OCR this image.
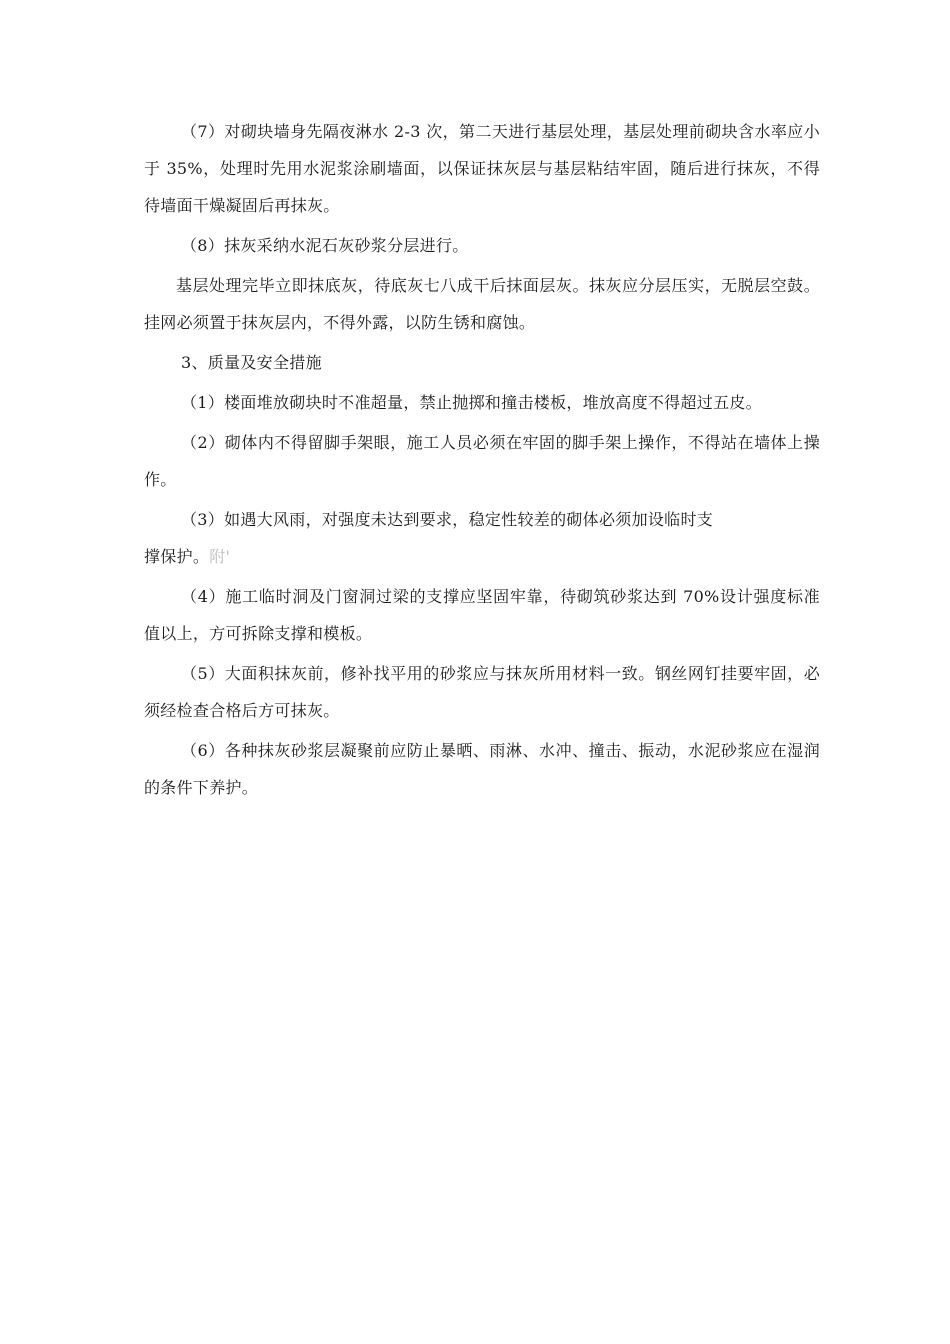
（7）对砌块墙身先隔夜淋水 2-3 次，第二天进行基层处理，基层处理前砌块含水率应小于 35%，处理时先用水泥浆涂刷墙面，以保证抹灰层与基层粘结牢固，随后进行抹灰，不得待墙面干燥凝固后再抹灰。

（8）抹灰采纳水泥石灰砂浆分层进行。

基层处理完毕立即抹底灰，待底灰七八成干后抹面层灰。抹灰应分层压实，无脱层空鼓。挂网必须置于抹灰层内，不得外露，以防生锈和腐蚀。

3、质量及安全措施

（1）楼面堆放砌块时不准超量，禁止抛掷和撞击楼板，堆放高度不得超过五皮。

（2）砌体内不得留脚手架眼，施工人员必须在牢固的脚手架上操作，不得站在墙体上操作。

（3）如遇大风雨，对强度未达到要求，稳定性较差的砌体必须加设临时支
撑保护。附'

（4）施工临时洞及门窗洞过梁的支撑应坚固牢靠，待砌筑砂浆达到 70%设计强度标准值以上，方可拆除支撑和模板。

（5）大面积抹灰前，修补找平用的砂浆应与抹灰所用材料一致。钢丝网钉挂要牢固，必须经检查合格后方可抹灰。

（6）各种抹灰砂浆层凝聚前应防止暴晒、雨淋、水冲、撞击、振动，水泥砂浆应在湿润的条件下养护。
